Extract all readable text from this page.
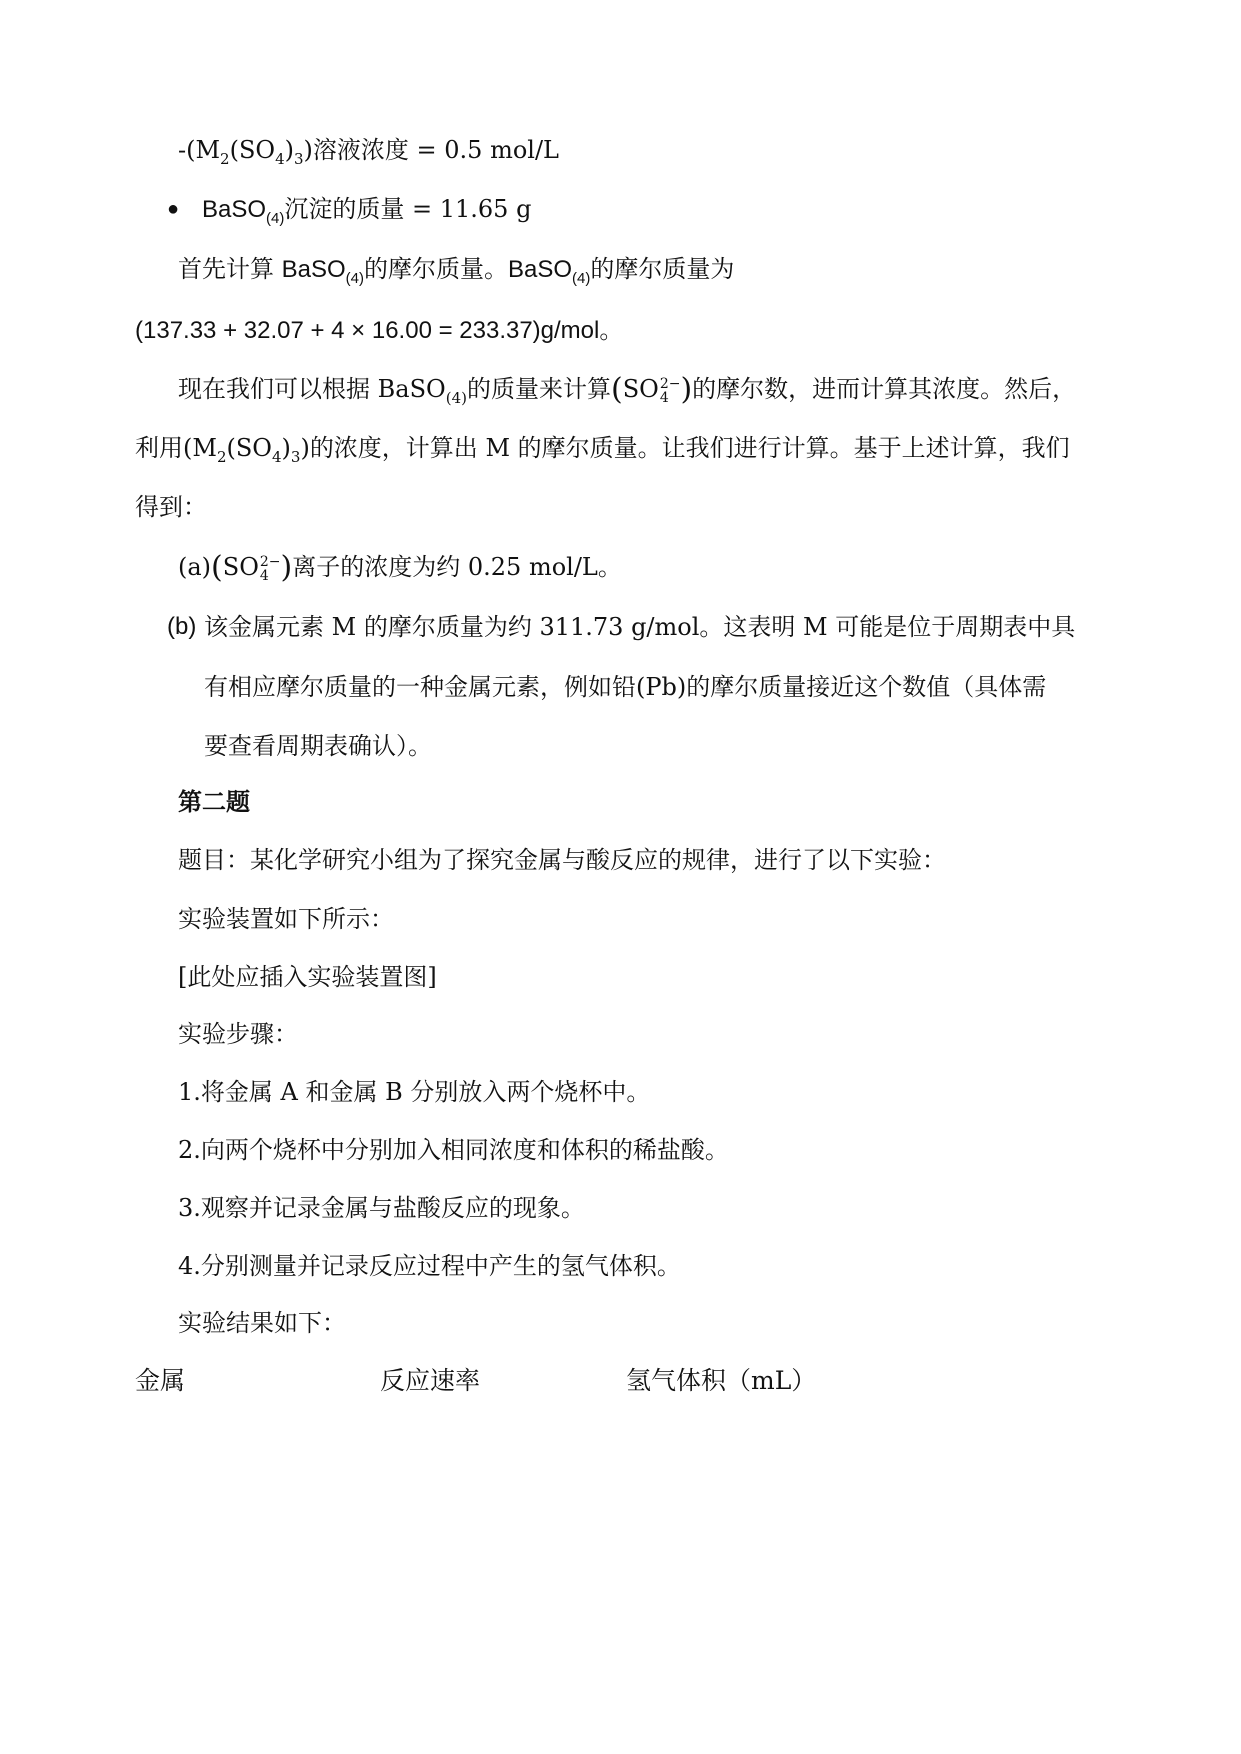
$-(M_2(SO_4)_3)$溶液浓度 = 0.5 mol/L
● BaSO$_{(4)}$沉淀的质量 = 11.65 g
首先计算 BaSO$_{(4)}$的摩尔质量。BaSO$_{(4)}$的摩尔质量为
(137.33 + 32.07 + 4 × 16.00 = 233.37)g/mol。
现在我们可以根据 BaSO$_{(4)}$的质量来计算(SO 2−
4 )的摩尔数，进而计算其浓度。然后，
利用$(M_2(SO_4)_3)$的浓度，计算出 M 的摩尔质量。让我们进行计算。基于上述计算，我们
得到：
(a)(SO 2−
4 )离子的浓度为约 0.25 mol/L。
(b) 该金属元素 M 的摩尔质量为约 311.73 g/mol。这表明 M 可能是位于周期表中具
有相应摩尔质量的一种金属元素，例如铅(Pb)的摩尔质量接近这个数值（具体需
要查看周期表确认）。
第二题
题目：某化学研究小组为了探究金属与酸反应的规律，进行了以下实验：
实验装置如下所示：
[此处应插入实验装置图]
实验步骤：
1.将金属 A 和金属 B 分别放入两个烧杯中。
2.向两个烧杯中分别加入相同浓度和体积的稀盐酸。
3.观察并记录金属与盐酸反应的现象。
4.分别测量并记录反应过程中产生的氢气体积。
实验结果如下：
金属	反应速率	氢气体积（mL）
